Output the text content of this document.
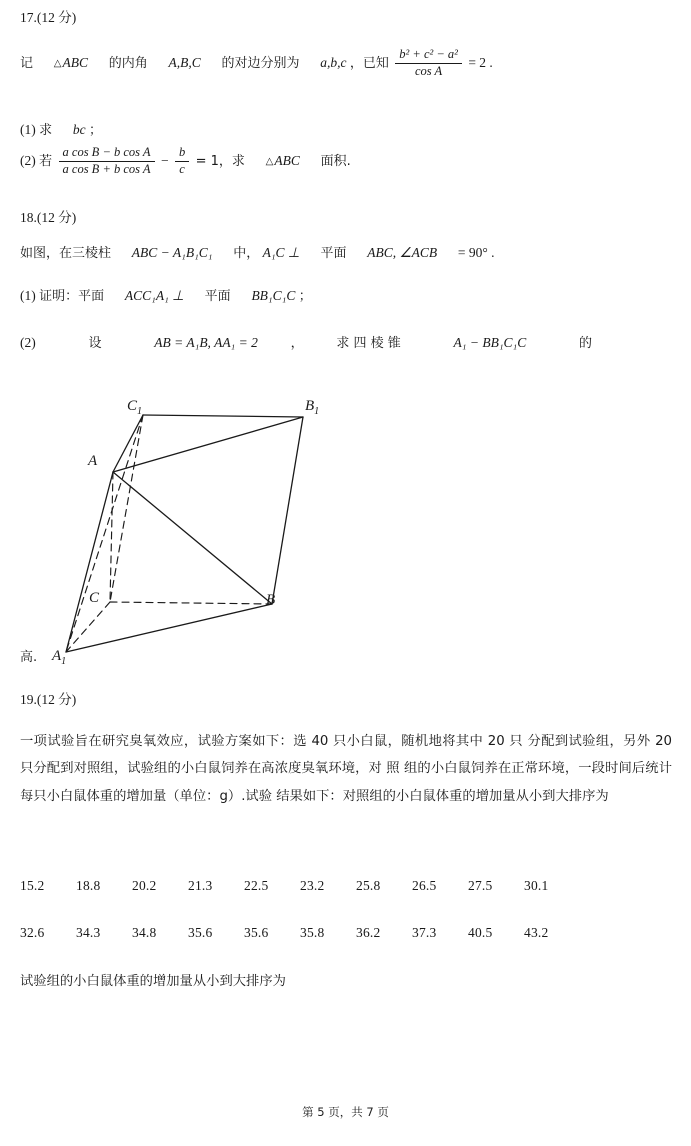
17.(12 分)
记 △ABC 的内角 A,B,C 的对边分别为 a,b,c ，已知 $\frac{\text{b² + c² − a²}}{\text{cos A}} = 2$ .
(1) 求 bc ；
(2) 若 $\frac{\text{a cos B − b cos A}}{\text{a cos B + b cos A}} - \frac{b}{c} = 1$，求 △ABC 面积.
18.(12 分)
如图，在三棱柱 ABC − A₁B₁C₁ 中， A₁C ⊥ 平面 ABC, ∠ACB = 90° .
(1) 证明：平面 ACC₁A₁ ⊥ 平面 BB₁C₁C ；
(2)	设	AB = A₁B, AA₁ = 2	，	求 四 棱 锥	A₁ − BB₁C₁C	的
$C_1$	$B_1$
A
C	B
$A_1$
高.
19.(12 分)
一项试验旨在研究臭氧效应，试验方案如下：选 40 只小白鼠，随机地将其中 20 只 分配到试验组，另外 20 只分配到对照组，试验组的小白鼠饲养在高浓度臭氧环境，对 照 组的小白鼠饲养在正常环境，一段时间后统计每只小白鼠体重的增加量（单位：g）.试验 结果如下：对照组的小白鼠体重的增加量从小到大排序为
15.2 18.8 20.2 21.3 22.5 23.2 25.8 26.5 27.5 30.1
32.6 34.3 34.8 35.6 35.6 35.8 36.2 37.3 40.5 43.2
试验组的小白鼠体重的增加量从小到大排序为
第 5 页，共 7 页
